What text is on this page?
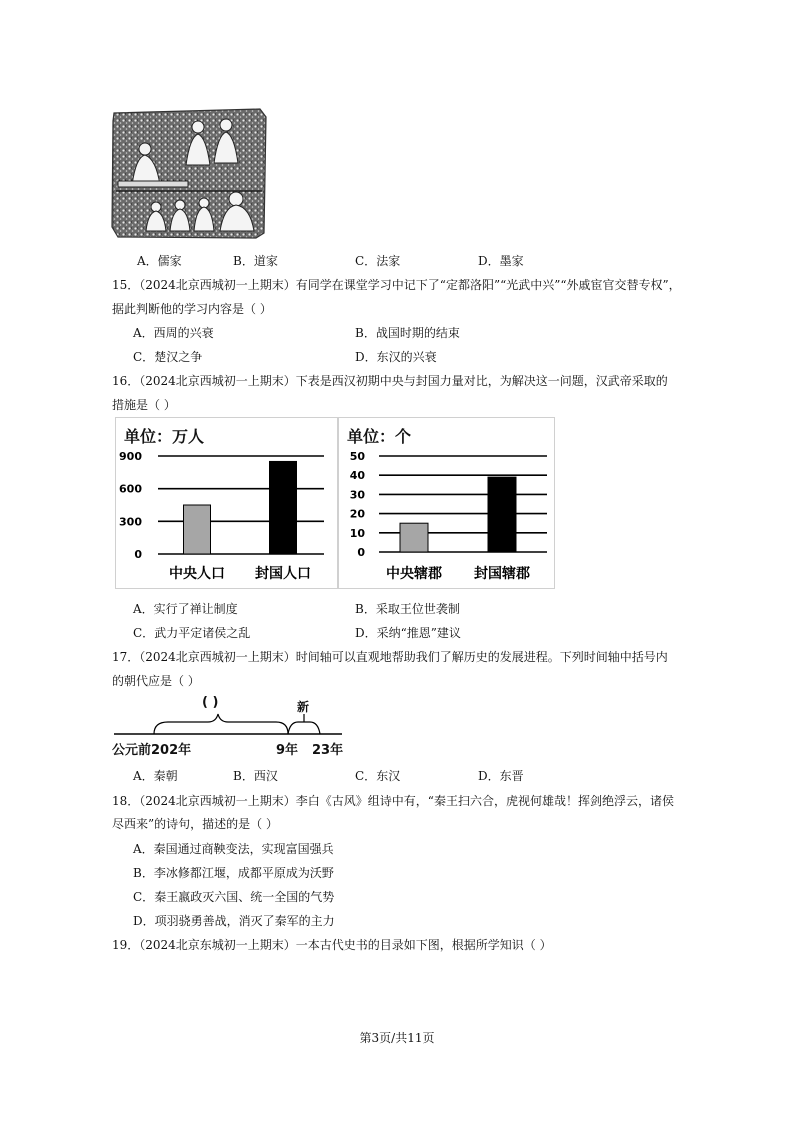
A．儒家	B．道家	C．法家	D．墨家
15．（2024北京西城初一上期末）有同学在课堂学习中记下了“定都洛阳”“光武中兴”“外戚宦官交替专权”，
据此判断他的学习内容是（ ）
A．西周的兴衰	B．战国时期的结束
C．楚汉之争	D．东汉的兴衰
16．（2024北京西城初一上期末）下表是西汉初期中央与封国力量对比，为解决这一问题，汉武帝采取的
措施是（ ）
单位：万人
900
600
300
0
中央人口 封国人口
单位：个
50
40
30
20
10
0
中央辖郡 封国辖郡
A．实行了禅让制度	B．采取王位世袭制
C．武力平定诸侯之乱	D．采纳“推恩”建议
17．（2024北京西城初一上期末）时间轴可以直观地帮助我们了解历史的发展进程。下列时间轴中括号内
的朝代应是（ ）
( )	新
公元前202年	9年 23年
A．秦朝	B．西汉	C．东汉	D．东晋
18．（2024北京西城初一上期末）李白《古风》组诗中有，“秦王扫六合，虎视何雄哉！挥剑绝浮云，诸侯
尽西来”的诗句，描述的是（ ）
A．秦国通过商鞅变法，实现富国强兵
B．李冰修都江堰，成都平原成为沃野
C．秦王嬴政灭六国、统一全国的气势
D．项羽骁勇善战，消灭了秦军的主力
19．（2024北京东城初一上期末）一本古代史书的目录如下图，根据所学知识（ ）
第3页/共11页
